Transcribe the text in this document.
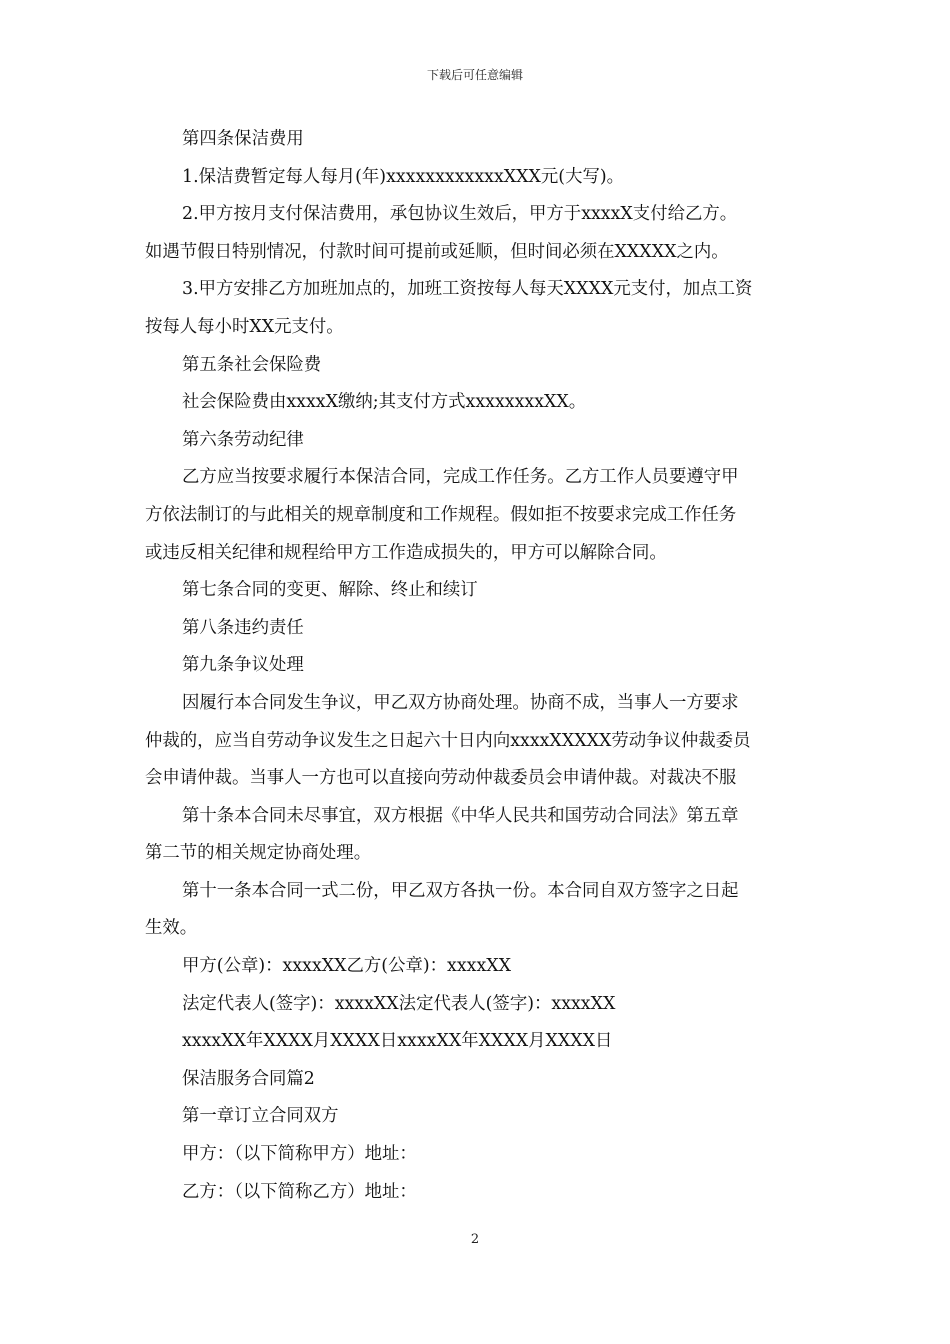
下载后可任意编辑

第四条保洁费用

1.保洁费暂定每人每月(年)xxxxxxxxxxxxXXX元(大写)。

2.甲方按月支付保洁费用，承包协议生效后，甲方于xxxxX支付给乙方。
如遇节假日特别情况，付款时间可提前或延顺，但时间必须在XXXXX之内。

3.甲方安排乙方加班加点的，加班工资按每人每天XXXX元支付，加点工资
按每人每小时XX元支付。

第五条社会保险费

社会保险费由xxxxX缴纳;其支付方式xxxxxxxxXX。

第六条劳动纪律

乙方应当按要求履行本保洁合同，完成工作任务。乙方工作人员要遵守甲
方依法制订的与此相关的规章制度和工作规程。假如拒不按要求完成工作任务
或违反相关纪律和规程给甲方工作造成损失的，甲方可以解除合同。

第七条合同的变更、解除、终止和续订

第八条违约责任

第九条争议处理

因履行本合同发生争议，甲乙双方协商处理。协商不成，当事人一方要求
仲裁的，应当自劳动争议发生之日起六十日内向xxxxXXXXX劳动争议仲裁委员
会申请仲裁。当事人一方也可以直接向劳动仲裁委员会申请仲裁。对裁决不服

第十条本合同未尽事宜，双方根据《中华人民共和国劳动合同法》第五章
第二节的相关规定协商处理。

第十一条本合同一式二份，甲乙双方各执一份。本合同自双方签字之日起
生效。

甲方(公章)：xxxxXX乙方(公章)：xxxxXX

法定代表人(签字)：xxxxXX法定代表人(签字)：xxxxXX

xxxxXX年XXXX月XXXX日xxxxXX年XXXX月XXXX日

保洁服务合同篇2

第一章订立合同双方

甲方：（以下简称甲方）地址：

乙方：（以下简称乙方）地址：

2
